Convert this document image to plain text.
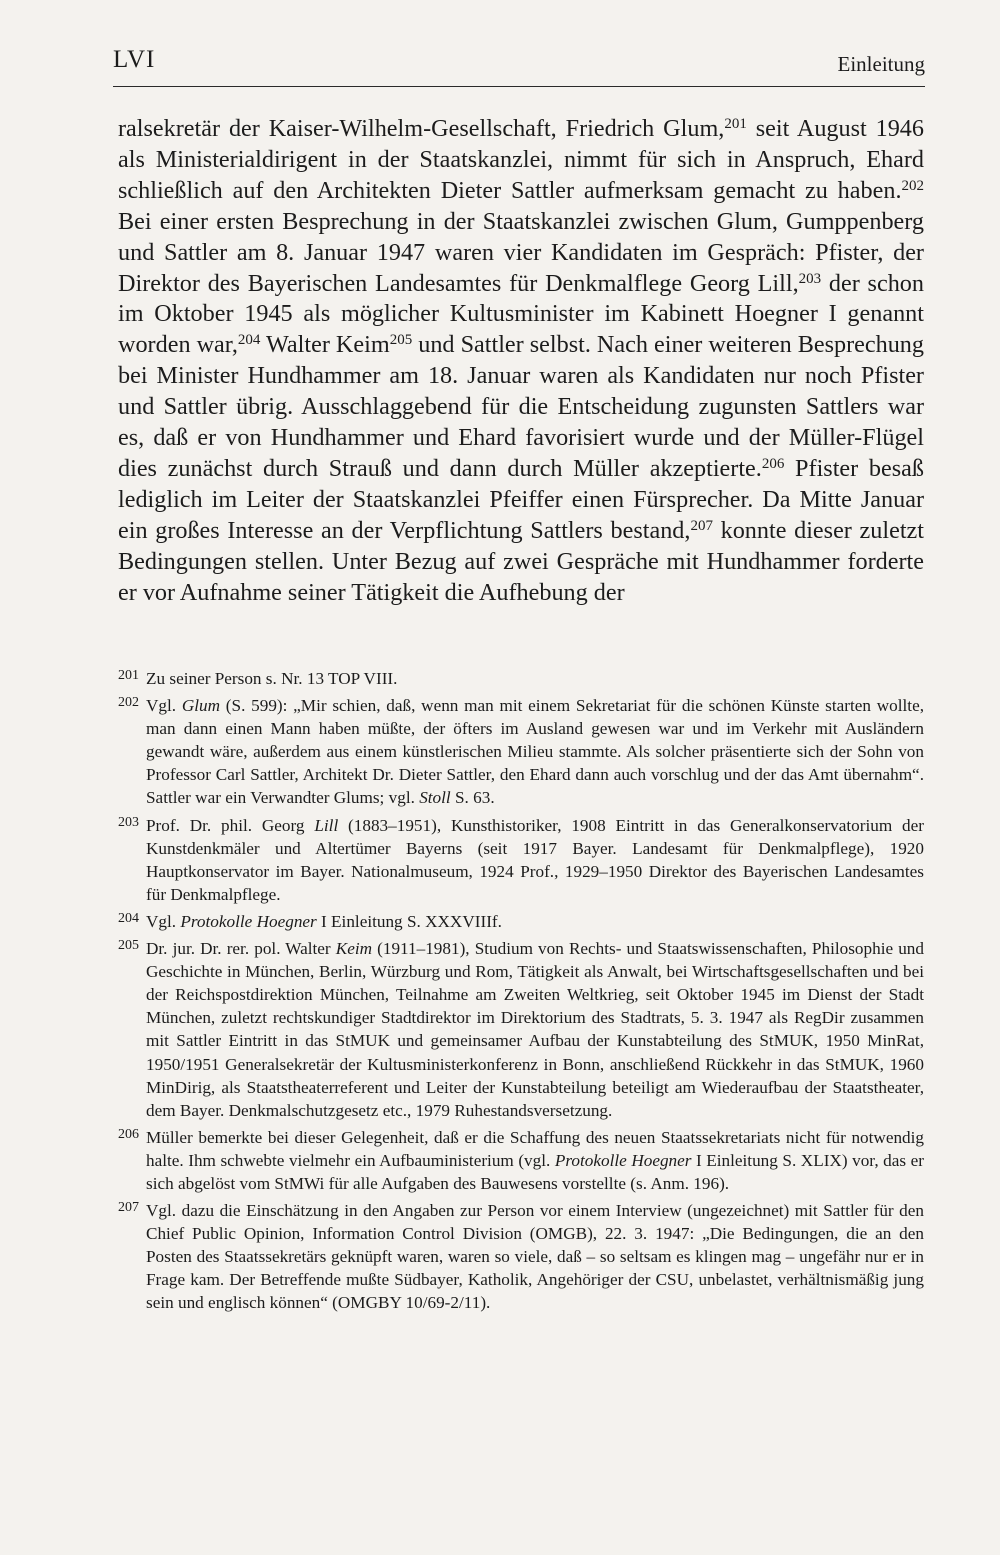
LVI	Einleitung

ralsekretär der Kaiser-Wilhelm-Gesellschaft, Friedrich Glum,$^{201}$ seit August 1946 als Ministerialdirigent in der Staatskanzlei, nimmt für sich in Anspruch, Ehard schließlich auf den Architekten Dieter Sattler aufmerksam gemacht zu haben.$^{202}$ Bei einer ersten Besprechung in der Staatskanzlei zwischen Glum, Gumppenberg und Sattler am 8. Januar 1947 waren vier Kandidaten im Gespräch: Pfister, der Direktor des Bayerischen Landesamtes für Denkmalflege Georg Lill,$^{203}$ der schon im Oktober 1945 als möglicher Kultusminister im Kabinett Hoegner I genannt worden war,$^{204}$ Walter Keim$^{205}$ und Sattler selbst. Nach einer weiteren Besprechung bei Minister Hundhammer am 18. Januar waren als Kandidaten nur noch Pfister und Sattler übrig. Ausschlaggebend für die Entscheidung zugunsten Sattlers war es, daß er von Hundhammer und Ehard favorisiert wurde und der Müller-Flügel dies zunächst durch Strauß und dann durch Müller akzeptierte.$^{206}$ Pfister besaß lediglich im Leiter der Staatskanzlei Pfeiffer einen Fürsprecher. Da Mitte Januar ein großes Interesse an der Verpflichtung Sattlers bestand,$^{207}$ konnte dieser zuletzt Bedingungen stellen. Unter Bezug auf zwei Gespräche mit Hundhammer forderte er vor Aufnahme seiner Tätigkeit die Aufhebung der

201 Zu seiner Person s. Nr. 13 TOP VIII.
202 Vgl. Glum (S. 599): „Mir schien, daß, wenn man mit einem Sekretariat für die schönen Künste starten wollte, man dann einen Mann haben müßte, der öfters im Ausland gewesen war und im Verkehr mit Ausländern gewandt wäre, außerdem aus einem künstlerischen Milieu stammte. Als solcher präsentierte sich der Sohn von Professor Carl Sattler, Architekt Dr. Dieter Sattler, den Ehard dann auch vorschlug und der das Amt übernahm“. Sattler war ein Verwandter Glums; vgl. Stoll S. 63.
203 Prof. Dr. phil. Georg Lill (1883–1951), Kunsthistoriker, 1908 Eintritt in das Generalkonservatorium der Kunstdenkmäler und Altertümer Bayerns (seit 1917 Bayer. Landesamt für Denkmalpflege), 1920 Hauptkonservator im Bayer. Nationalmuseum, 1924 Prof., 1929–1950 Direktor des Bayerischen Landesamtes für Denkmalpflege.
204 Vgl. Protokolle Hoegner I Einleitung S. XXXVIIIf.
205 Dr. jur. Dr. rer. pol. Walter Keim (1911–1981), Studium von Rechts- und Staatswissenschaften, Philosophie und Geschichte in München, Berlin, Würzburg und Rom, Tätigkeit als Anwalt, bei Wirtschaftsgesellschaften und bei der Reichspostdirektion München, Teilnahme am Zweiten Weltkrieg, seit Oktober 1945 im Dienst der Stadt München, zuletzt rechtskundiger Stadtdirektor im Direktorium des Stadtrats, 5. 3. 1947 als RegDir zusammen mit Sattler Eintritt in das StMUK und gemeinsamer Aufbau der Kunstabteilung des StMUK, 1950 MinRat, 1950/1951 Generalsekretär der Kultusministerkonferenz in Bonn, anschließend Rückkehr in das StMUK, 1960 MinDirig, als Staatstheaterreferent und Leiter der Kunstabteilung beteiligt am Wiederaufbau der Staatstheater, dem Bayer. Denkmalschutzgesetz etc., 1979 Ruhestandsversetzung.
206 Müller bemerkte bei dieser Gelegenheit, daß er die Schaffung des neuen Staatssekretariats nicht für notwendig halte. Ihm schwebte vielmehr ein Aufbauministerium (vgl. Protokolle Hoegner I Einleitung S. XLIX) vor, das er sich abgelöst vom StMWi für alle Aufgaben des Bauwesens vorstellte (s. Anm. 196).
207 Vgl. dazu die Einschätzung in den Angaben zur Person vor einem Interview (ungezeichnet) mit Sattler für den Chief Public Opinion, Information Control Division (OMGB), 22. 3. 1947: „Die Bedingungen, die an den Posten des Staatssekretärs geknüpft waren, waren so viele, daß – so seltsam es klingen mag – ungefähr nur er in Frage kam. Der Betreffende mußte Südbayer, Katholik, Angehöriger der CSU, unbelastet, verhältnismäßig jung sein und englisch können“ (OMGBY 10/69-2/11).
